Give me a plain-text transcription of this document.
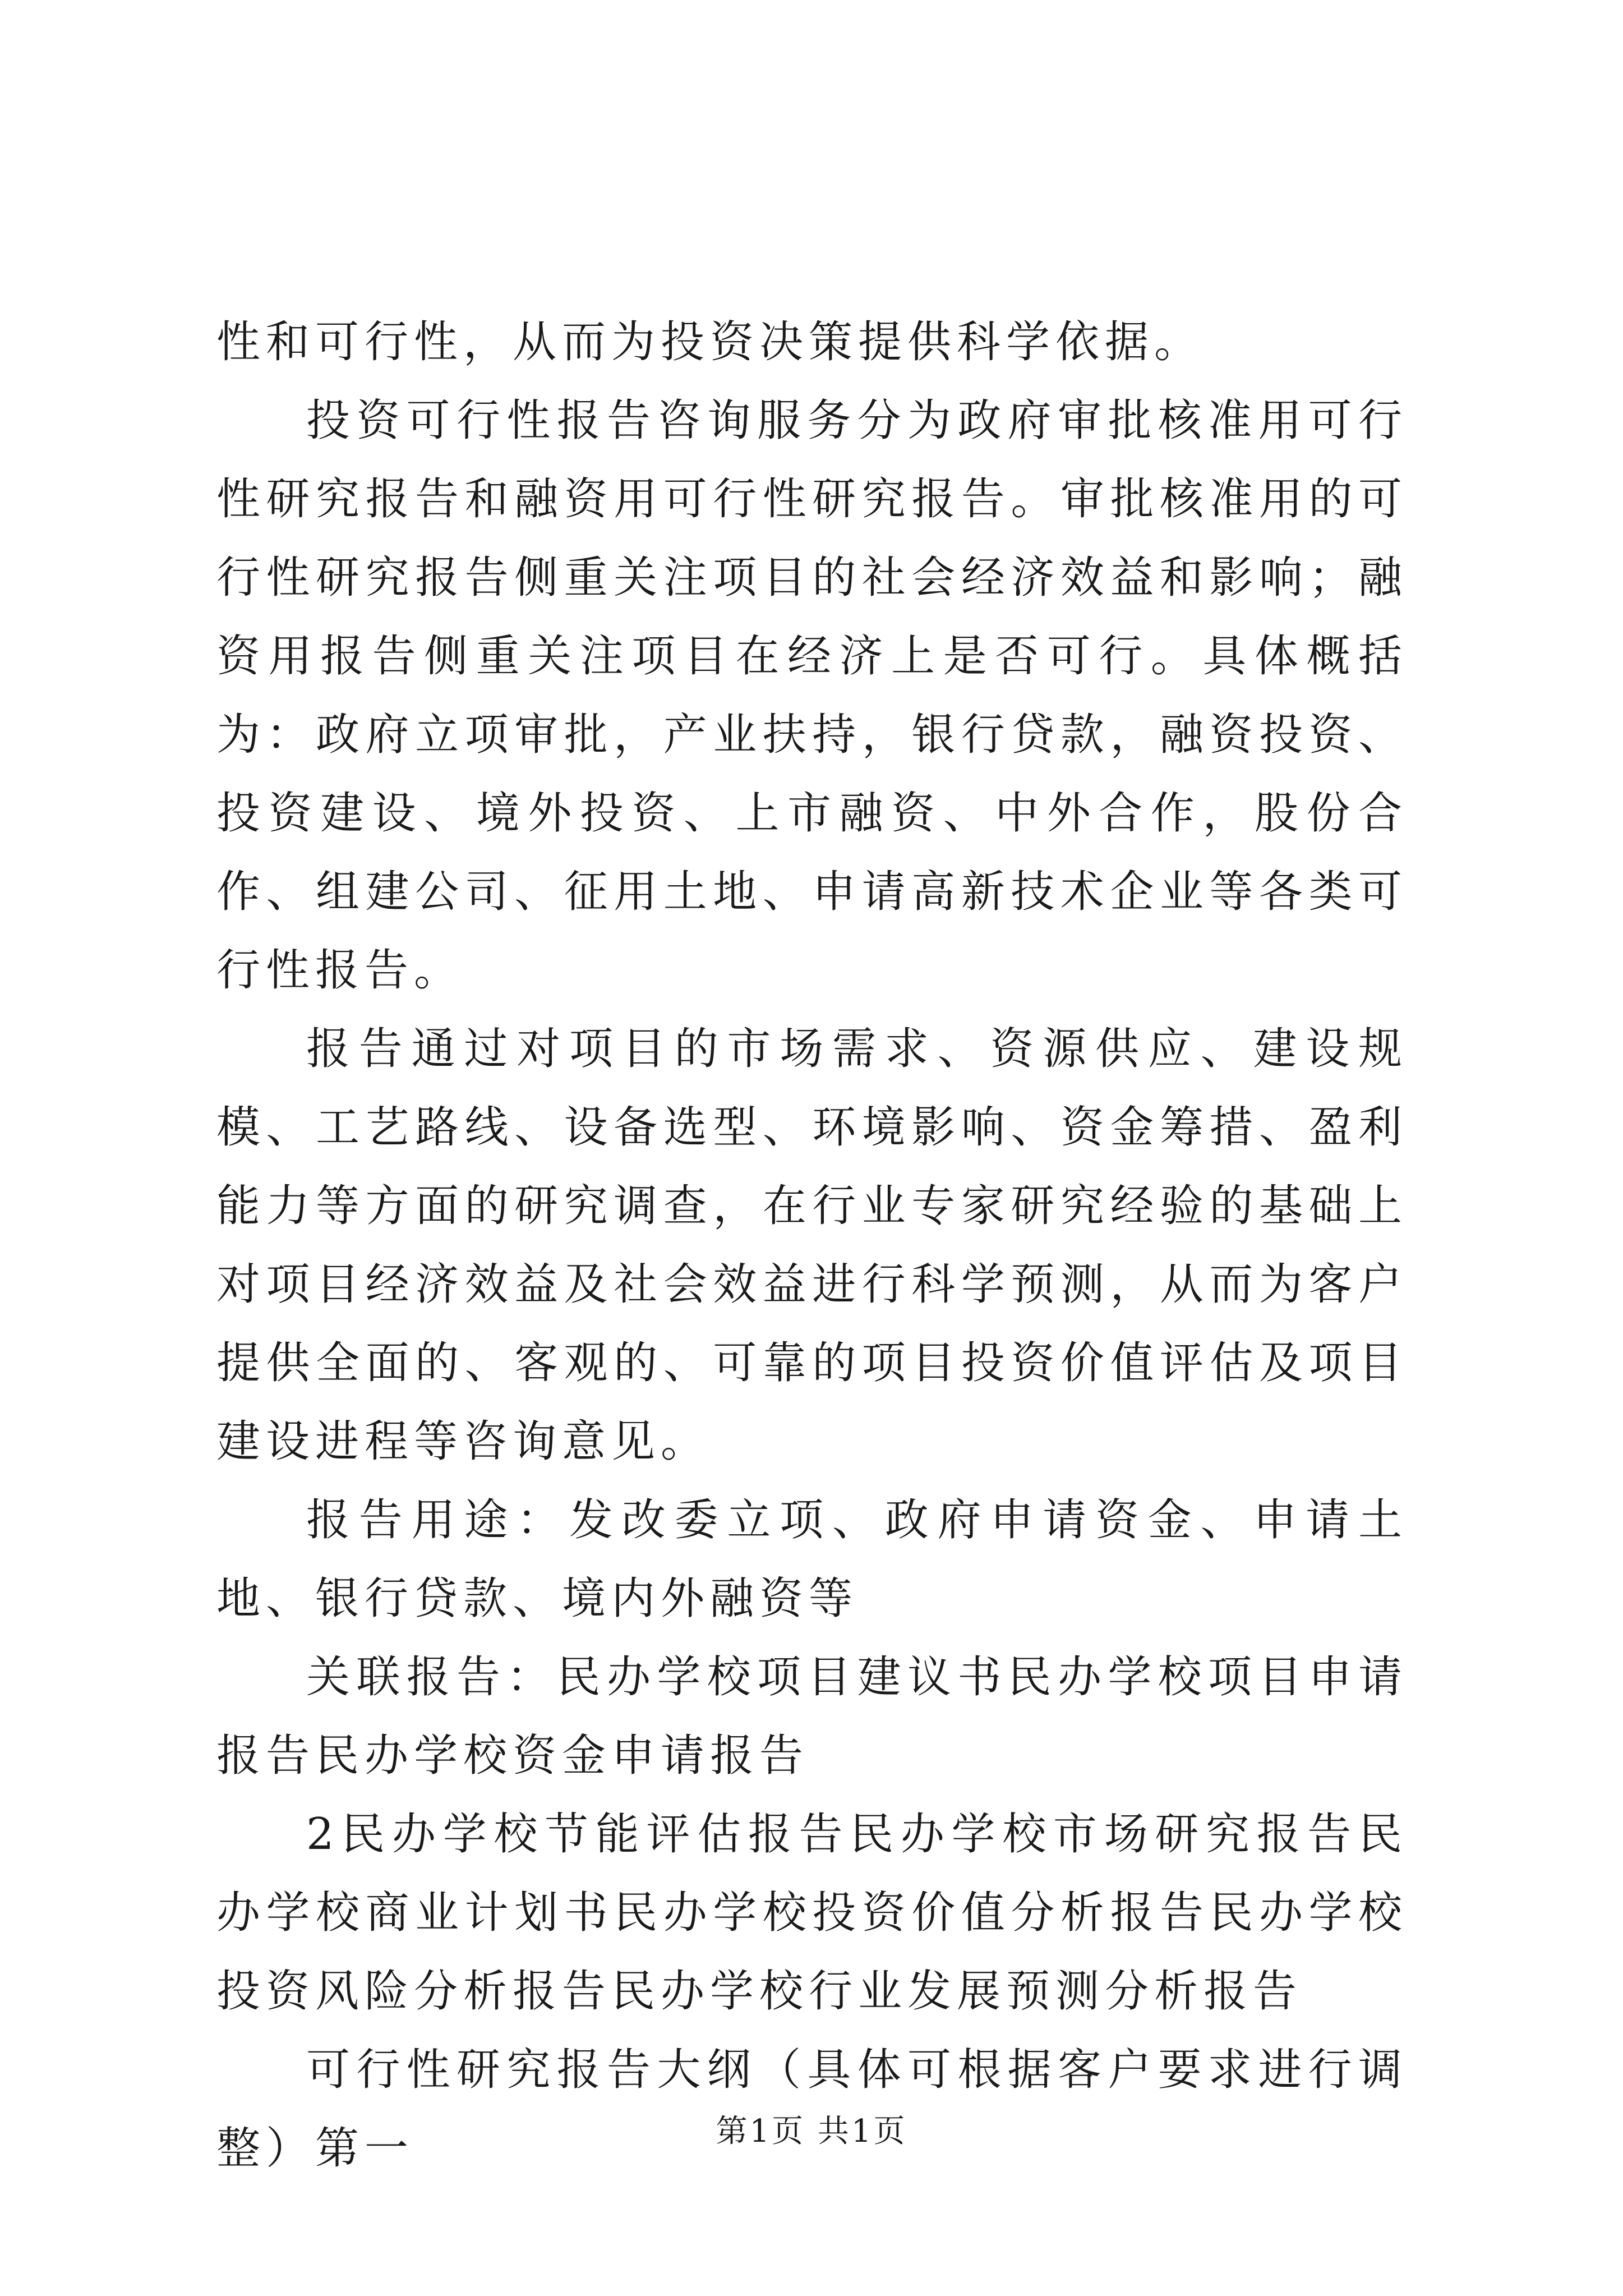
性和可行性，从而为投资决策提供科学依据。

投资可行性报告咨询服务分为政府审批核准用可行性研究报告和融资用可行性研究报告。审批核准用的可行性研究报告侧重关注项目的社会经济效益和影响；融资用报告侧重关注项目在经济上是否可行。具体概括为：政府立项审批，产业扶持，银行贷款，融资投资、投资建设、境外投资、上市融资、中外合作，股份合作、组建公司、征用土地、申请高新技术企业等各类可行性报告。

报告通过对项目的市场需求、资源供应、建设规模、工艺路线、设备选型、环境影响、资金筹措、盈利能力等方面的研究调查，在行业专家研究经验的基础上对项目经济效益及社会效益进行科学预测，从而为客户提供全面的、客观的、可靠的项目投资价值评估及项目建设进程等咨询意见。

报告用途：发改委立项、政府申请资金、申请土地、银行贷款、境内外融资等

关联报告：民办学校项目建议书民办学校项目申请报告民办学校资金申请报告

2民办学校节能评估报告民办学校市场研究报告民办学校商业计划书民办学校投资价值分析报告民办学校投资风险分析报告民办学校行业发展预测分析报告

可行性研究报告大纲（具体可根据客户要求进行调整）第一	第1页 共1页
